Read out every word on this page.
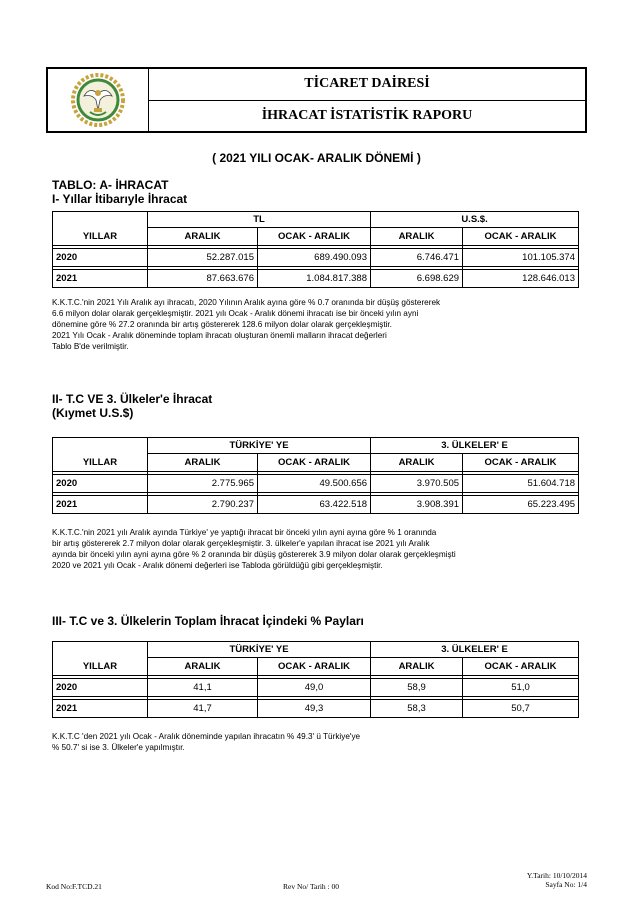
TİCARET DAİRESİ
İHRACAT İSTATİSTİK RAPORU
( 2021 YILI OCAK- ARALIK DÖNEMİ )
TABLO: A- İHRACAT
I- Yıllar İtibarıyle İhracat
	TL		U.S.$.	
YILLAR	ARALIK	OCAK - ARALIK	ARALIK	OCAK - ARALIK

2020	52.287.015	689.490.093	6.746.471	101.105.374

2021	87.663.676	1.084.817.388	6.698.629	128.646.013
K.K.T.C.'nin 2021 Yılı Aralık ayı ihracatı, 2020 Yılının Aralık ayına göre % 0.7 oranında bir düşüş göstererek
6.6 milyon dolar olarak gerçekleşmiştir. 2021 yılı Ocak - Aralık dönemi ihracatı ise bir önceki yılın ayni
dönemine göre % 27.2 oranında bir artış göstererek 128.6 milyon dolar olarak gerçekleşmiştir.
2021 Yılı Ocak - Aralık döneminde toplam ihracatı oluşturan önemli malların ihracat değerleri
Tablo B'de verilmiştir.
II- T.C VE 3. Ülkeler'e İhracat
(Kıymet U.S.$)
	TÜRKİYE' YE		3. ÜLKELER' E	
YILLAR	ARALIK	OCAK - ARALIK	ARALIK	OCAK - ARALIK

2020	2.775.965	49.500.656	3.970.505	51.604.718

2021	2.790.237	63.422.518	3.908.391	65.223.495
K.K.T.C.'nin 2021 yılı Aralık ayında Türkiye' ye yaptığı ihracat bir önceki yılın ayni ayına göre % 1 oranında
bir artış göstererek 2.7 milyon dolar olarak gerçekleşmiştir. 3. ülkeler'e yapılan ihracat ise 2021 yılı Aralık
ayında bir önceki yılın ayni ayına göre % 2 oranında bir düşüş göstererek 3.9 milyon dolar olarak gerçekleşmişti
2020 ve 2021 yılı Ocak - Aralık dönemi değerleri ise Tabloda görüldüğü gibi gerçekleşmiştir.
III- T.C ve 3. Ülkelerin Toplam İhracat İçindeki % Payları
	TÜRKİYE' YE		3. ÜLKELER' E	
YILLAR	ARALIK	OCAK - ARALIK	ARALIK	OCAK - ARALIK

2020	41,1	49,0	58,9	51,0

2021	41,7	49,3	58,3	50,7
K.K.T.C 'den 2021 yılı Ocak - Aralık döneminde yapılan ihracatın % 49.3' ü Türkiye'ye
% 50.7' si ise 3. Ülkeler'e yapılmıştır.
Kod No:F.TCD.21	Rev No/ Tarih : 00
Y.Tarih: 10/10/2014
Sayfa No: 1/4
